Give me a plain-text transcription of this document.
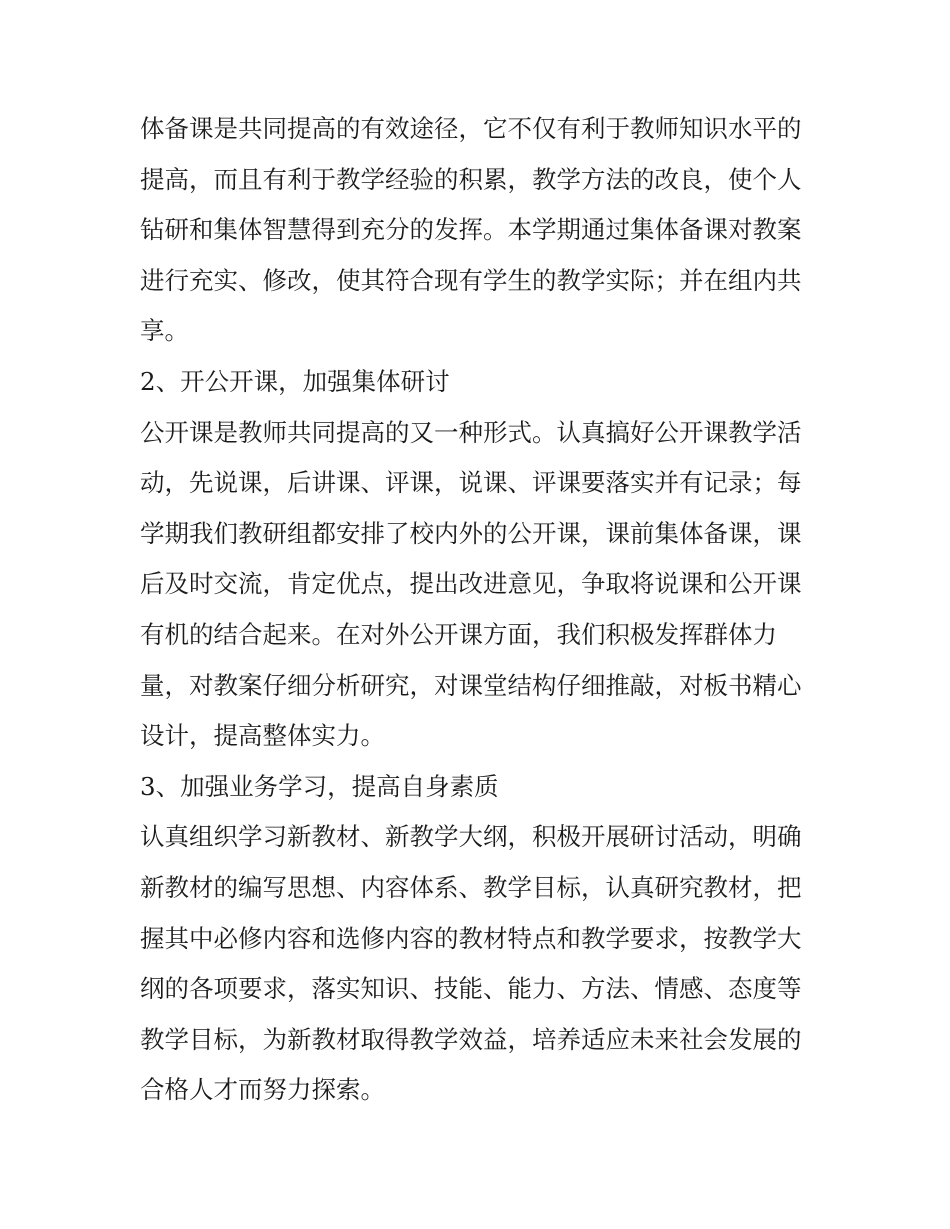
体备课是共同提高的有效途径，它不仅有利于教师知识水平的
提高，而且有利于教学经验的积累，教学方法的改良，使个人
钻研和集体智慧得到充分的发挥。本学期通过集体备课对教案
进行充实、修改，使其符合现有学生的教学实际；并在组内共
享。
2、开公开课，加强集体研讨
公开课是教师共同提高的又一种形式。认真搞好公开课教学活
动，先说课，后讲课、评课，说课、评课要落实并有记录；每
学期我们教研组都安排了校内外的公开课，课前集体备课，课
后及时交流，肯定优点，提出改进意见，争取将说课和公开课
有机的结合起来。在对外公开课方面，我们积极发挥群体力
量，对教案仔细分析研究，对课堂结构仔细推敲，对板书精心
设计，提高整体实力。
3、加强业务学习，提高自身素质
认真组织学习新教材、新教学大纲，积极开展研讨活动，明确
新教材的编写思想、内容体系、教学目标，认真研究教材，把
握其中必修内容和选修内容的教材特点和教学要求，按教学大
纲的各项要求，落实知识、技能、能力、方法、情感、态度等
教学目标，为新教材取得教学效益，培养适应未来社会发展的
合格人才而努力探索。
